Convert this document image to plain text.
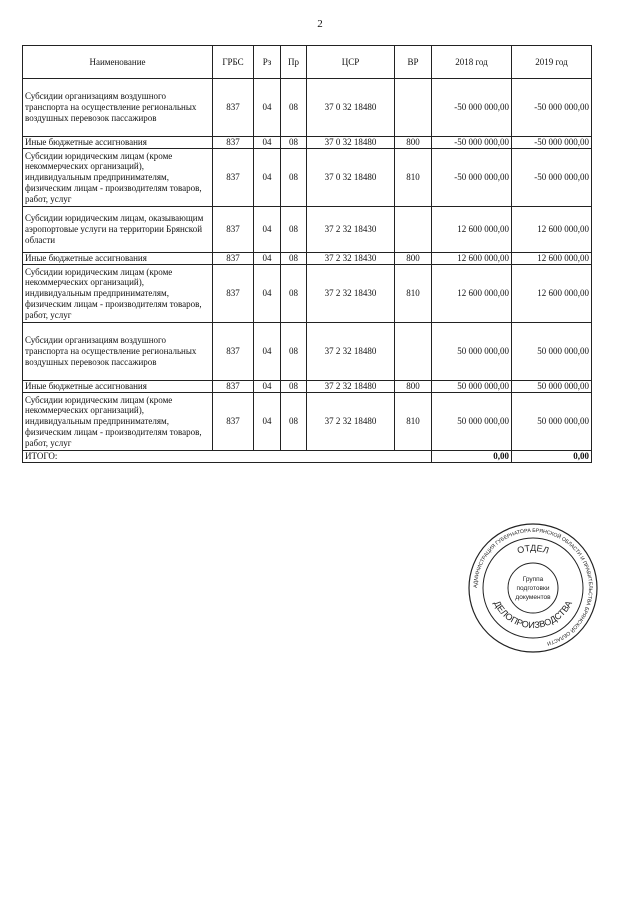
2
Наименование	ГРБС	Рз	Пр	ЦСР	ВР	2018 год	2019 год
Субсидии организациям воздушного транспорта на осуществление региональных воздушных перевозок пассажиров	837	04	08	37 0 32 18480		-50 000 000,00	-50 000 000,00
Иные бюджетные ассигнования	837	04	08	37 0 32 18480	800	-50 000 000,00	-50 000 000,00
Субсидии юридическим лицам (кроме некоммерческих организаций), индивидуальным предпринимателям, физическим лицам - производителям товаров, работ, услуг	837	04	08	37 0 32 18480	810	-50 000 000,00	-50 000 000,00
Субсидии юридическим лицам, оказывающим аэропортовые услуги на территории Брянской области	837	04	08	37 2 32 18430		12 600 000,00	12 600 000,00
Иные бюджетные ассигнования	837	04	08	37 2 32 18430	800	12 600 000,00	12 600 000,00
Субсидии юридическим лицам (кроме некоммерческих организаций), индивидуальным предпринимателям, физическим лицам - производителям товаров, работ, услуг	837	04	08	37 2 32 18430	810	12 600 000,00	12 600 000,00
Субсидии организациям воздушного транспорта на осуществление региональных воздушных перевозок пассажиров	837	04	08	37 2 32 18480		50 000 000,00	50 000 000,00
Иные бюджетные ассигнования	837	04	08	37 2 32 18480	800	50 000 000,00	50 000 000,00
Субсидии юридическим лицам (кроме некоммерческих организаций), индивидуальным предпринимателям, физическим лицам - производителям товаров, работ, услуг	837	04	08	37 2 32 18480	810	50 000 000,00	50 000 000,00
ИТОГО:						0,00	0,00
АДМИНИСТРАЦИЯ ГУБЕРНАТОРА БРЯНСКОЙ ОБЛАСТИ И ПРАВИТЕЛЬСТВА БРЯНСКОЙ ОБЛАСТИ
ОТДЕЛ
ДЕЛОПРОИЗВОДСТВА
Группа
подготовки
документов
